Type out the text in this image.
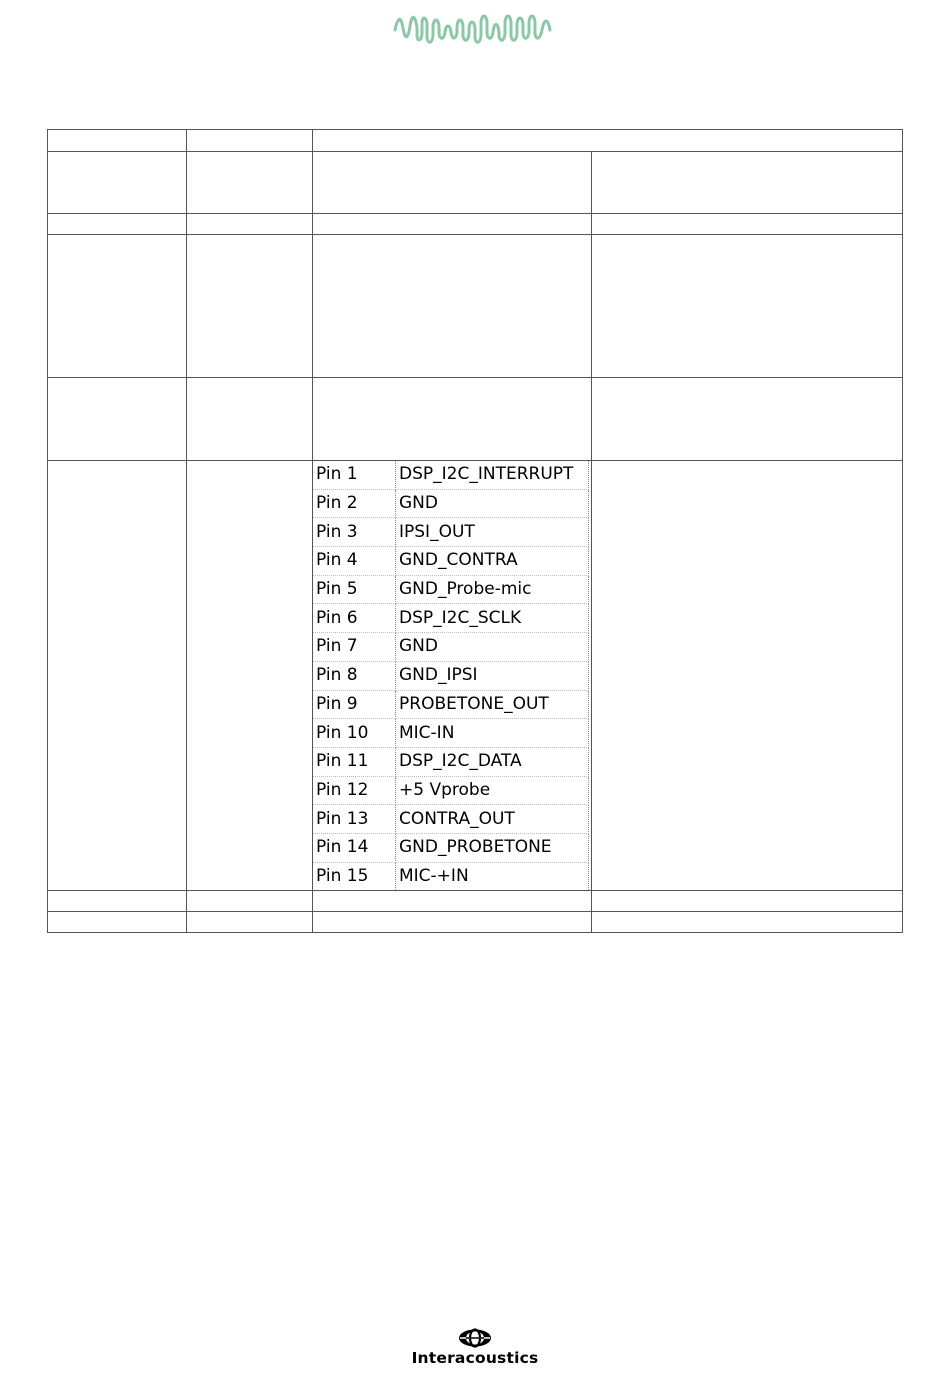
Pin 1	DSP_I2C_INTERRUPT
Pin 2	GND
Pin 3	IPSI_OUT
Pin 4	GND_CONTRA
Pin 5	GND_Probe-mic
Pin 6	DSP_I2C_SCLK
Pin 7	GND
Pin 8	GND_IPSI
Pin 9	PROBETONE_OUT
Pin 10	MIC-IN
Pin 11	DSP_I2C_DATA
Pin 12	+5 Vprobe
Pin 13	CONTRA_OUT
Pin 14	GND_PROBETONE
Pin 15	MIC-+IN

Interacoustics
